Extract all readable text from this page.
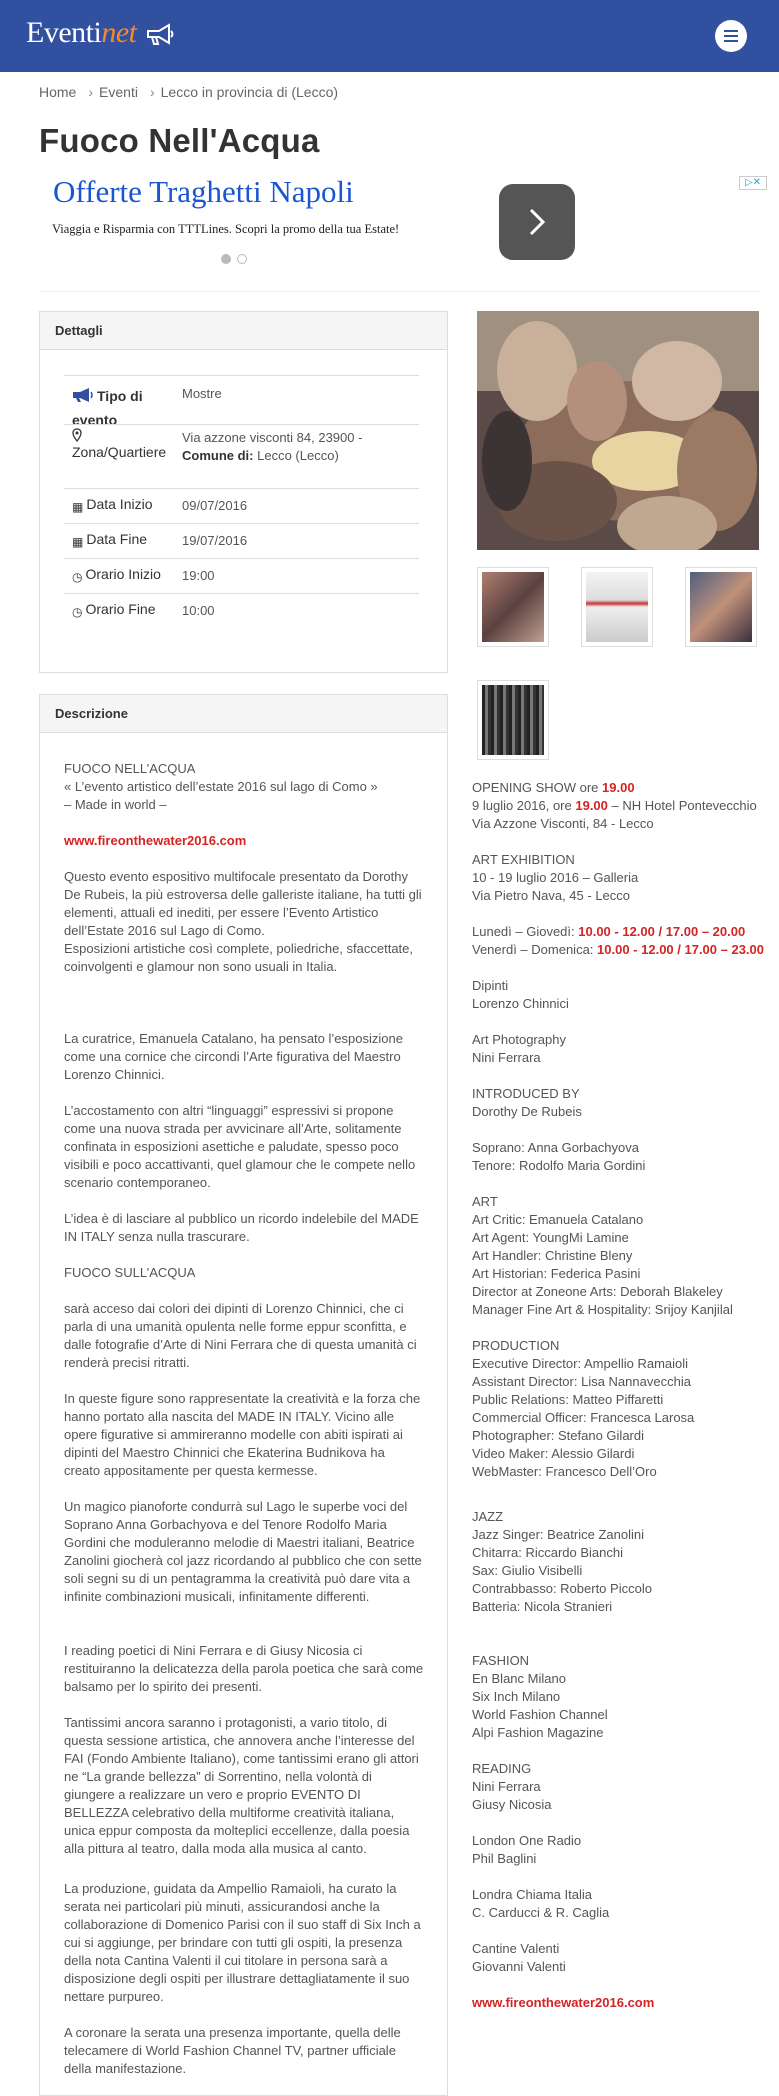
Eventinet
Home › Eventi › Lecco in provincia di (Lecco)
Fuoco Nell'Acqua
Offerte Traghetti Napoli
Viaggia e Risparmia con TTTLines. Scopri la promo della tua Estate!
▷✕
Dettagli
Tipo di evento
Mostre

Zona/Quartiere
Via azzone visconti 84, 23900 -
Comune di: Lecco (Lecco)
▦ Data Inizio 09/07/2016
▦ Data Fine	19/07/2016
◷ Orario Inizio 19:00
◷ Orario Fine 10:00
Descrizione

FUOCO NELL’ACQUA

« L’evento artistico dell’estate 2016 sul lago di Como »

– Made in world –

www.fireonthewater2016.com

Questo evento espositivo multifocale presentato da Dorothy De Rubeis, la più estroversa delle galleriste italiane, ha tutti gli elementi, attuali ed inediti, per essere l’Evento Artistico dell’Estate 2016 sul Lago di Como.

Esposizioni artistiche così complete, poliedriche, sfaccettate, coinvolgenti e glamour non sono usuali in Italia.

La curatrice, Emanuela Catalano, ha pensato l’esposizione come una cornice che circondi l’Arte figurativa del Maestro Lorenzo Chinnici.

L’accostamento con altri “linguaggi” espressivi si propone come una nuova strada per avvicinare all’Arte, solitamente confinata in esposizioni asettiche e paludate, spesso poco visibili e poco accattivanti, quel glamour che le compete nello scenario contemporaneo.

L’idea è di lasciare al pubblico un ricordo indelebile del MADE IN ITALY senza nulla trascurare.

FUOCO SULL’ACQUA

sarà acceso dai colori dei dipinti di Lorenzo Chinnici, che ci parla di una umanità opulenta nelle forme eppur sconfitta, e dalle fotografie d’Arte di Nini Ferrara che di questa umanità ci renderà precisi ritratti.

In queste figure sono rappresentate la creatività e la forza che hanno portato alla nascita del MADE IN ITALY. Vicino alle opere figurative si ammireranno modelle con abiti ispirati ai dipinti del Maestro Chinnici che Ekaterina Budnikova ha creato appositamente per questa kermesse.

Un magico pianoforte condurrà sul Lago le superbe voci del Soprano Anna Gorbachyova e del Tenore Rodolfo Maria Gordini che moduleranno melodie di Maestri italiani, Beatrice Zanolini giocherà col jazz ricordando al pubblico che con sette soli segni su di un pentagramma la creatività può dare vita a infinite combinazioni musicali, infinitamente differenti.

I reading poetici di Nini Ferrara e di Giusy Nicosia ci restituiranno la delicatezza della parola poetica che sarà come balsamo per lo spirito dei presenti.

Tantissimi ancora saranno i protagonisti, a vario titolo, di questa sessione artistica, che annovera anche l’interesse del FAI (Fondo Ambiente Italiano), come tantissimi erano gli attori ne “La grande bellezza” di Sorrentino, nella volontà di giungere a realizzare un vero e proprio EVENTO DI BELLEZZA celebrativo della multiforme creatività italiana, unica eppur composta da molteplici eccellenze, dalla poesia alla pittura al teatro, dalla moda alla musica al canto.

La produzione, guidata da Ampellio Ramaioli, ha curato la serata nei particolari più minuti, assicurandosi anche la collaborazione di Domenico Parisi con il suo staff di Six Inch a cui si aggiunge, per brindare con tutti gli ospiti, la presenza della nota Cantina Valenti il cui titolare in persona sarà a disposizione degli ospiti per illustrare dettagliatamente il suo nettare purpureo.

A coronare la serata una presenza importante, quella delle telecamere di World Fashion Channel TV, partner ufficiale della manifestazione.

OPENING SHOW ore 19.00

9 luglio 2016, ore 19.00 – NH Hotel Pontevecchio

Via Azzone Visconti, 84 - Lecco

ART EXHIBITION

10 - 19 luglio 2016 – Galleria

Via Pietro Nava, 45 - Lecco

Lunedì – Giovedì: 10.00 - 12.00 / 17.00 – 20.00

Venerdì – Domenica: 10.00 - 12.00 / 17.00 – 23.00

Dipinti

Lorenzo Chinnici

Art Photography

Nini Ferrara

INTRODUCED BY

Dorothy De Rubeis

Soprano: Anna Gorbachyova

Tenore: Rodolfo Maria Gordini

ART

Art Critic: Emanuela Catalano

Art Agent: YoungMi Lamine

Art Handler: Christine Bleny

Art Historian: Federica Pasini

Director at Zoneone Arts: Deborah Blakeley

Manager Fine Art & Hospitality: Srijoy Kanjilal

PRODUCTION

Executive Director: Ampellio Ramaioli

Assistant Director: Lisa Nannavecchia

Public Relations: Matteo Piffaretti

Commercial Officer: Francesca Larosa

Photographer: Stefano Gilardi

Video Maker: Alessio Gilardi

WebMaster: Francesco Dell’Oro

JAZZ

Jazz Singer: Beatrice Zanolini

Chitarra: Riccardo Bianchi

Sax: Giulio Visibelli

Contrabbasso: Roberto Piccolo

Batteria: Nicola Stranieri

FASHION

En Blanc Milano

Six Inch Milano

World Fashion Channel

Alpi Fashion Magazine

READING

Nini Ferrara

Giusy Nicosia

London One Radio

Phil Baglini

Londra Chiama Italia

C. Carducci & R. Caglia

Cantine Valenti

Giovanni Valenti

www.fireonthewater2016.com
